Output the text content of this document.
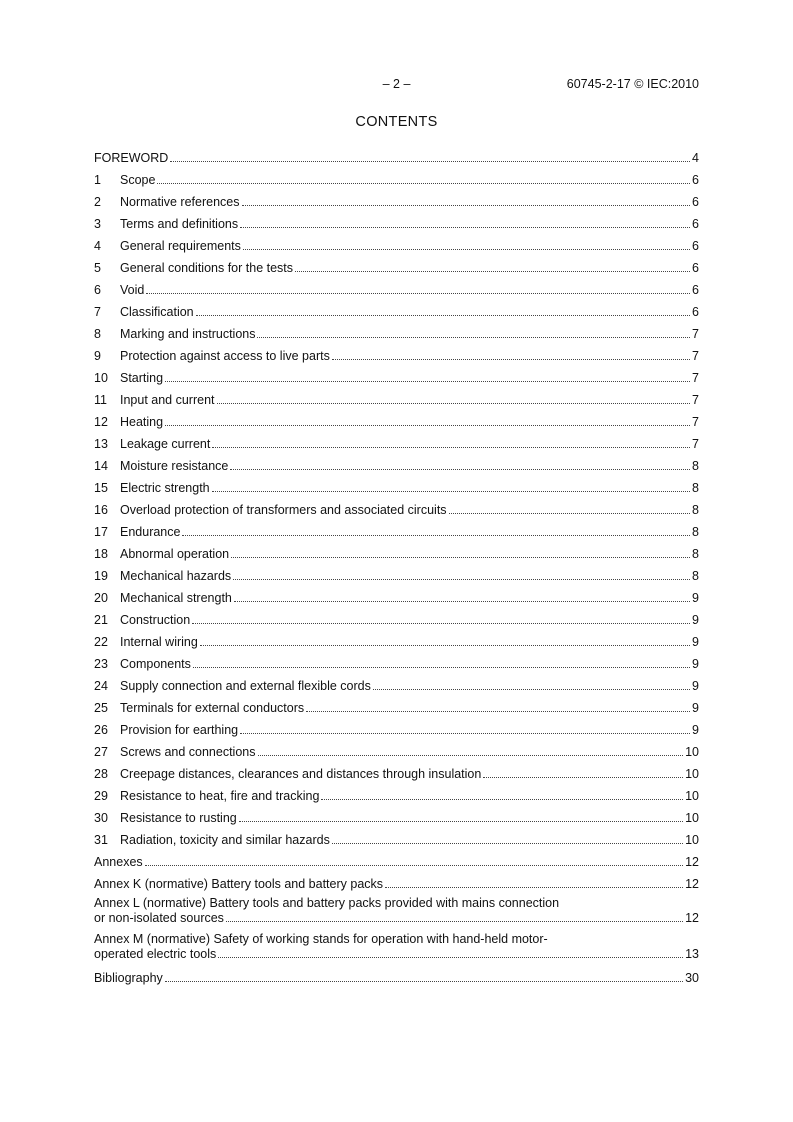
– 2 –	60745-2-17 © IEC:2010
CONTENTS
FOREWORD	4
1	Scope	6
2	Normative references	6
3	Terms and definitions	6
4	General requirements	6
5	General conditions for the tests	6
6	Void	6
7	Classification	6
8	Marking and instructions	7
9	Protection against access to live parts	7
10 Starting	7
11	Input and current	7
12 Heating	7
13 Leakage current	7
14 Moisture resistance	8
15 Electric strength	8
16 Overload protection of transformers and associated circuits	8
17 Endurance	8
18 Abnormal operation	8
19 Mechanical hazards	8
20 Mechanical strength	9
21 Construction	9
22 Internal wiring	9
23 Components	9
24 Supply connection and external flexible cords	9
25 Terminals for external conductors	9
26 Provision for earthing	9
27 Screws and connections	10
28 Creepage distances, clearances and distances through insulation	10
29 Resistance to heat, fire and tracking	10
30 Resistance to rusting	10
31 Radiation, toxicity and similar hazards	10
Annexes	12
Annex K (normative) Battery tools and battery packs	12
Annex L (normative) Battery tools and battery packs provided with mains connection
or non-isolated sources	12
Annex M (normative) Safety of working stands for operation with hand-held motor-
operated electric tools	13
Bibliography	30
